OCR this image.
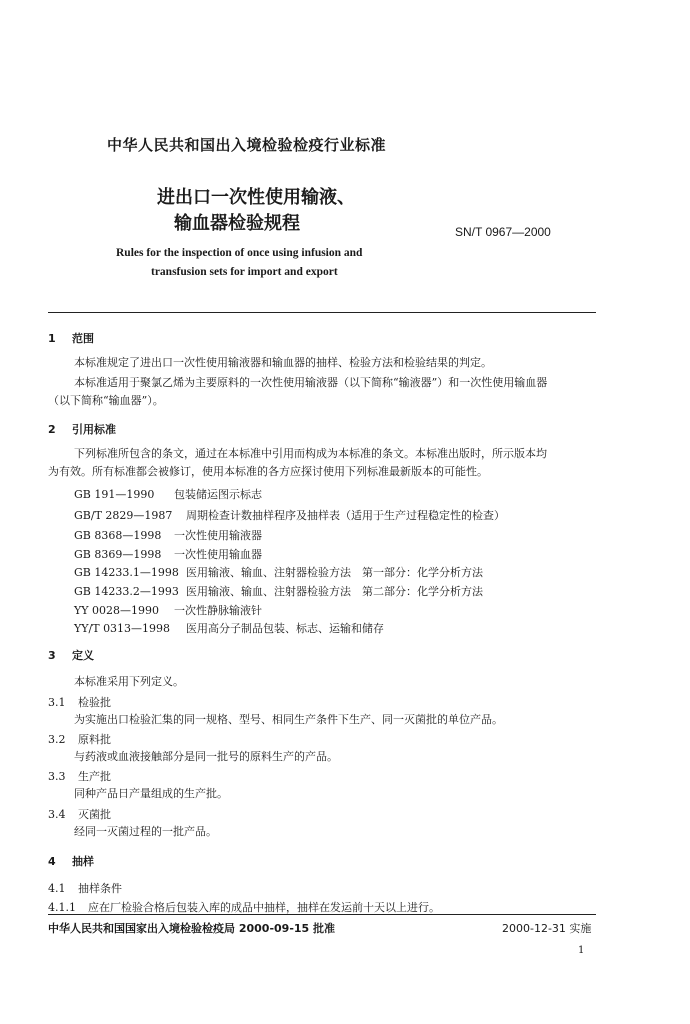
中华人民共和国出入境检验检疫行业标准
进出口一次性使用输液、
输血器检验规程	SN/T 0967—2000
Rules for the inspection of once using infusion and
transfusion sets for import and export
1 范围
本标准规定了进出口一次性使用输液器和输血器的抽样、检验方法和检验结果的判定。
本标准适用于聚氯乙烯为主要原料的一次性使用输液器（以下简称“输液器”）和一次性使用输血器
（以下简称“输血器”）。
2 引用标准
下列标准所包含的条文，通过在本标准中引用而构成为本标准的条文。本标准出版时，所示版本均
为有效。所有标准都会被修订，使用本标准的各方应探讨使用下列标准最新版本的可能性。
GB 191—1990 包装储运图示标志
GB/T 2829—1987 周期检查计数抽样程序及抽样表（适用于生产过程稳定性的检查）
GB 8368—1998 一次性使用输液器
GB 8369—1998 一次性使用输血器
GB 14233.1—1998 医用输液、输血、注射器检验方法　第一部分：化学分析方法
GB 14233.2—1993 医用输液、输血、注射器检验方法　第二部分：化学分析方法
YY 0028—1990 一次性静脉输液针
YY/T 0313—1998 医用高分子制品包装、标志、运输和储存
3 定义
本标准采用下列定义。
3.1 检验批
为实施出口检验汇集的同一规格、型号、相同生产条件下生产、同一灭菌批的单位产品。
3.2 原料批
与药液或血液接触部分是同一批号的原料生产的产品。
3.3 生产批
同种产品日产量组成的生产批。
3.4 灭菌批
经同一灭菌过程的一批产品。
4 抽样
4.1 抽样条件
4.1.1 应在厂检验合格后包装入库的成品中抽样，抽样在发运前十天以上进行。
中华人民共和国国家出入境检验检疫局 2000-09-15 批准	2000-12-31 实施
1
